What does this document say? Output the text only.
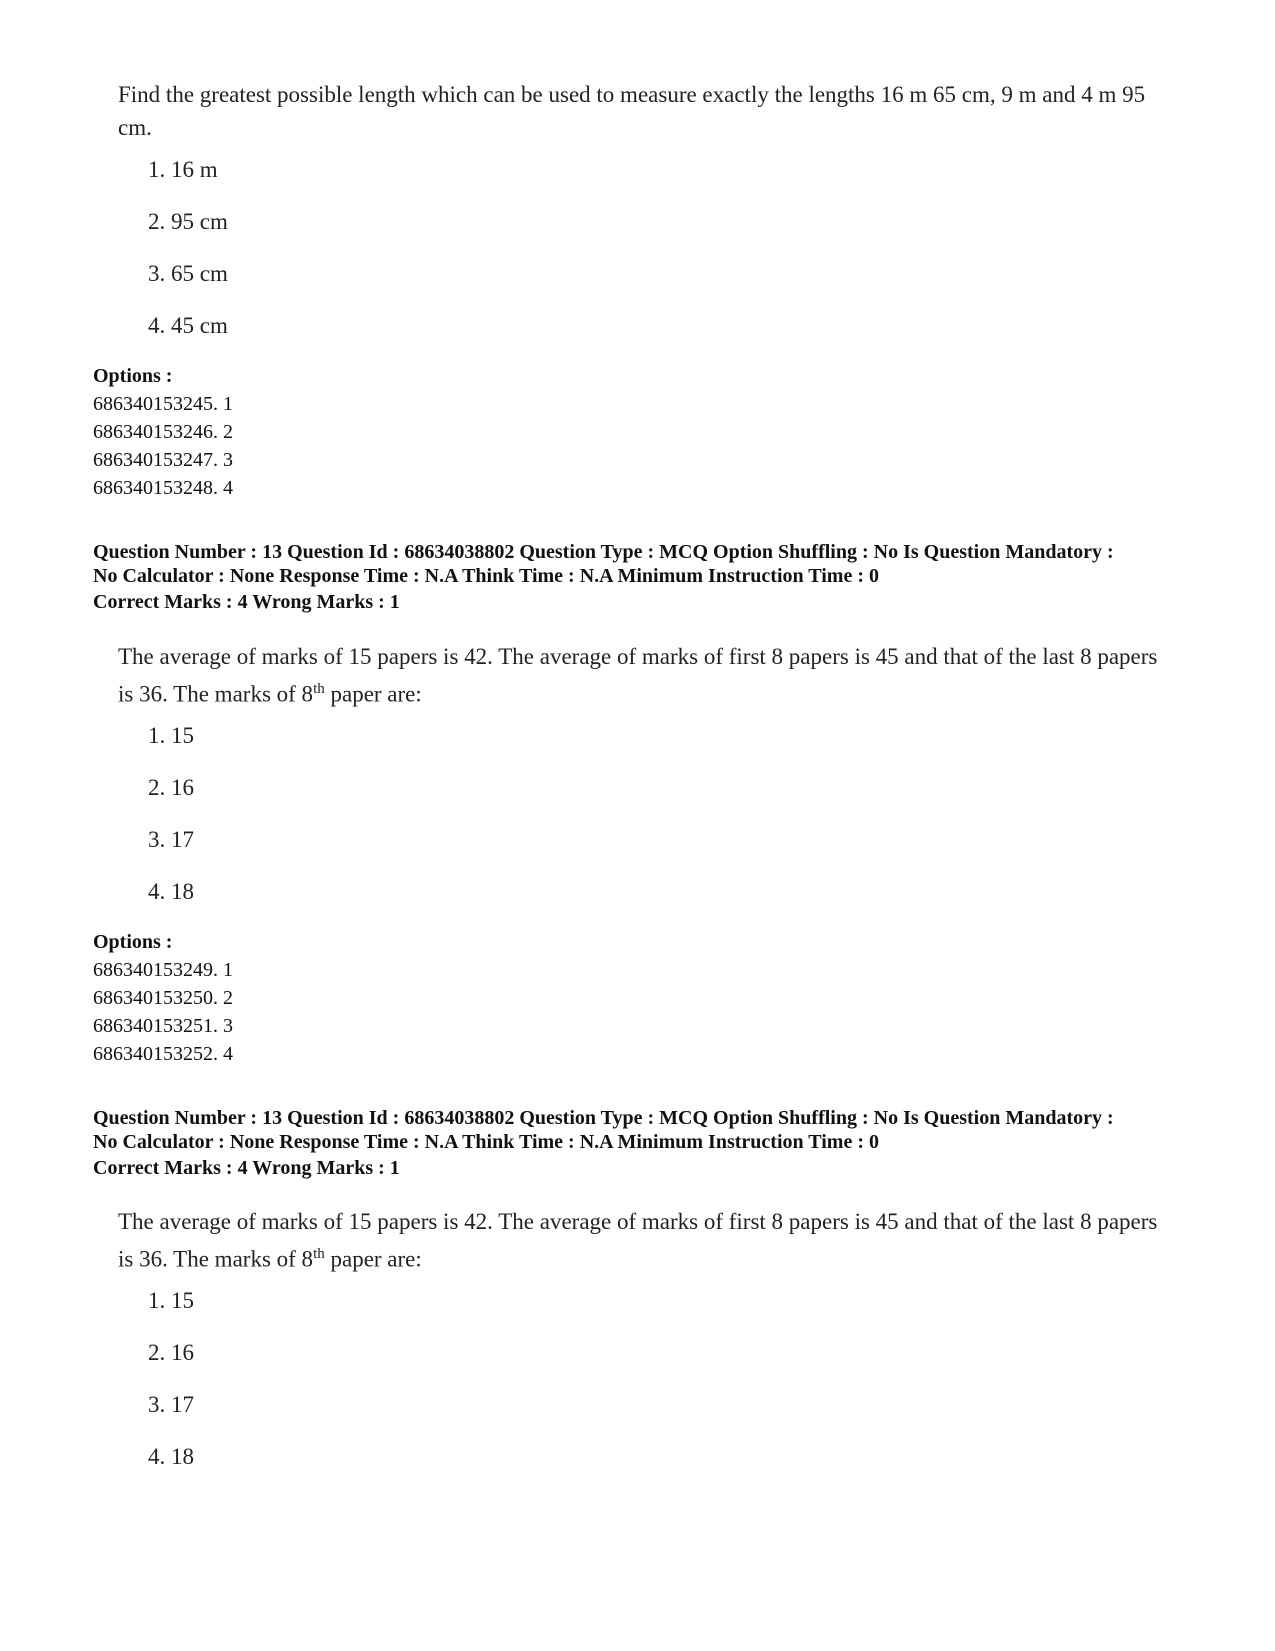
Find the greatest possible length which can be used to measure exactly the lengths 16 m 65 cm, 9 m and 4 m 95 cm.
1. 16 m
2. 95 cm
3. 65 cm
4. 45 cm
Options :
686340153245. 1
686340153246. 2
686340153247. 3
686340153248. 4
Question Number : 13 Question Id : 68634038802 Question Type : MCQ Option Shuffling : No Is Question Mandatory :
No Calculator : None Response Time : N.A Think Time : N.A Minimum Instruction Time : 0
Correct Marks : 4 Wrong Marks : 1
The average of marks of 15 papers is 42. The average of marks of first 8 papers is 45 and that of the last 8 papers is 36. The marks of 8th paper are:
1. 15
2. 16
3. 17
4. 18
Options :
686340153249. 1
686340153250. 2
686340153251. 3
686340153252. 4
Question Number : 13 Question Id : 68634038802 Question Type : MCQ Option Shuffling : No Is Question Mandatory :
No Calculator : None Response Time : N.A Think Time : N.A Minimum Instruction Time : 0
Correct Marks : 4 Wrong Marks : 1
The average of marks of 15 papers is 42. The average of marks of first 8 papers is 45 and that of the last 8 papers is 36. The marks of 8th paper are:
1. 15
2. 16
3. 17
4. 18
